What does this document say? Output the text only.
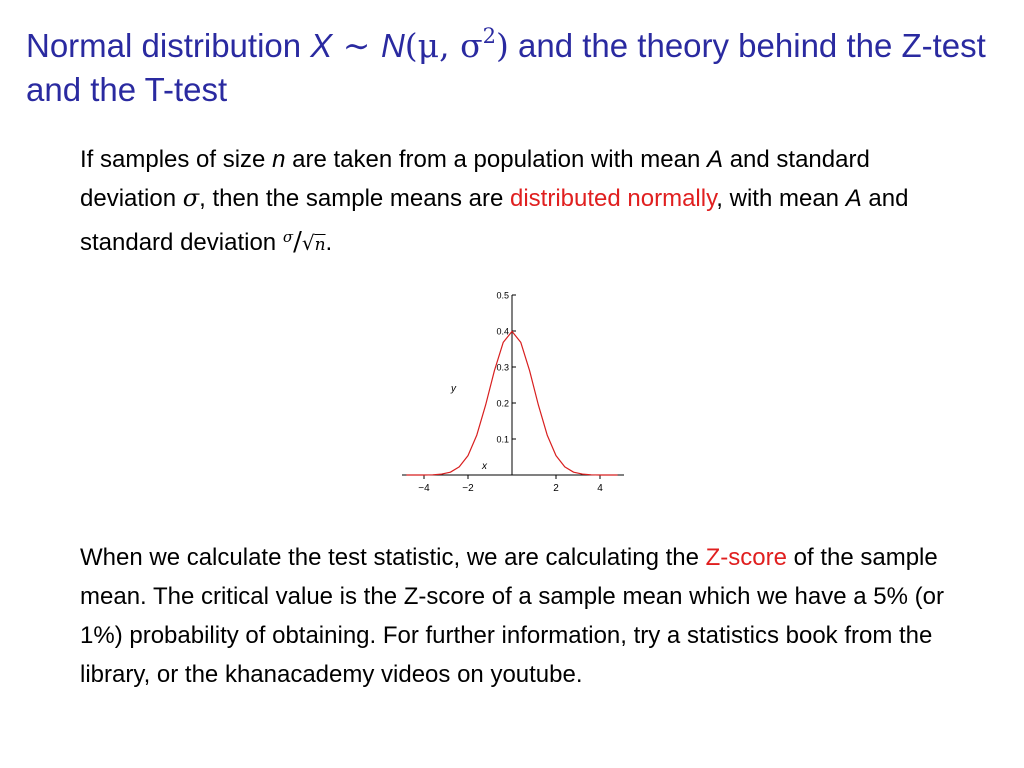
Normal distribution X ∼ N(μ, $\sigma^2$) and the theory behind the Z-test and the T-test
If samples of size n are taken from a population with mean A and standard deviation σ, then the sample means are distributed normally, with mean A and standard deviation $^\sigma$/√n.
−4	−2	2	4
0.1
0.2
0.3
0.4
0.5
x
y
When we calculate the test statistic, we are calculating the Z-score of the sample mean. The critical value is the Z-score of a sample mean which we have a 5% (or 1%) probability of obtaining. For further information, try a statistics book from the library, or the khanacademy videos on youtube.
